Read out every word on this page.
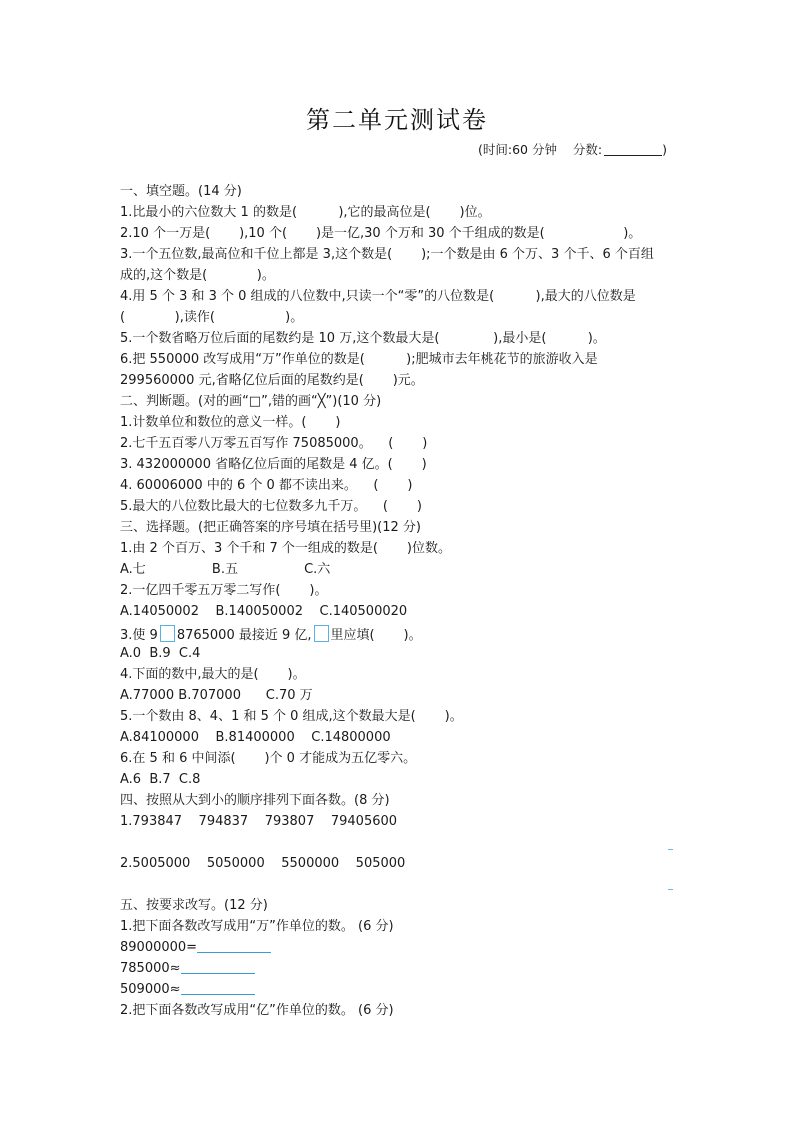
第二单元测试卷
(时间:60 分钟    分数:	)
一、填空题。(14 分)
1.比最小的六位数大 1 的数是(          ),它的最高位是(       )位。
2.10 个一万是(       ),10 个(       )是一亿,30 个万和 30 个千组成的数是(                   )。
3.一个五位数,最高位和千位上都是 3,这个数是(       );一个数是由 6 个万、3 个千、6 个百组
成的,这个数是(            )。
4.用 5 个 3 和 3 个 0 组成的八位数中,只读一个“零”的八位数是(          ),最大的八位数是
(            ),读作(                 )。
5.一个数省略万位后面的尾数约是 10 万,这个数最大是(             ),最小是(          )。
6.把 550000 改写成用“万”作单位的数是(          );肥城市去年桃花节的旅游收入是
299560000 元,省略亿位后面的尾数约是(       )元。
二、判断题。(对的画“□”,错的画“╳”)(10 分)
1.计数单位和数位的意义一样。(       )
2.七千五百零八万零五百写作 75085000。    (       )
3. 432000000 省略亿位后面的尾数是 4 亿。(       )
4. 60006000 中的 6 个 0 都不读出来。    (       )
5.最大的八位数比最大的七位数多九千万。    (       )
三、选择题。(把正确答案的序号填在括号里)(12 分)
1.由 2 个百万、3 个千和 7 个一组成的数是(       )位数。
A.七                B.五                C.六
2.一亿四千零五万零二写作(       )。
A.14050002    B.140050002    C.140500020
3.使 9 8765000 最接近 9 亿, 里应填(       )。
A.0  B.9  C.4
4.下面的数中,最大的是(       )。
A.77000 B.707000      C.70 万
5.一个数由 8、4、1 和 5 个 0 组成,这个数最大是(       )。
A.84100000    B.81400000    C.14800000
6.在 5 和 6 中间添(       )个 0 才能成为五亿零六。
A.6  B.7  C.8
四、按照从大到小的顺序排列下面各数。(8 分)
1.793847    794837    793807    79405600
2.5005000    5050000    5500000    505000
五、按要求改写。(12 分)
1.把下面各数改写成用“万”作单位的数。 (6 分)
89000000=
785000≈
509000≈
2.把下面各数改写成用“亿”作单位的数。 (6 分)
